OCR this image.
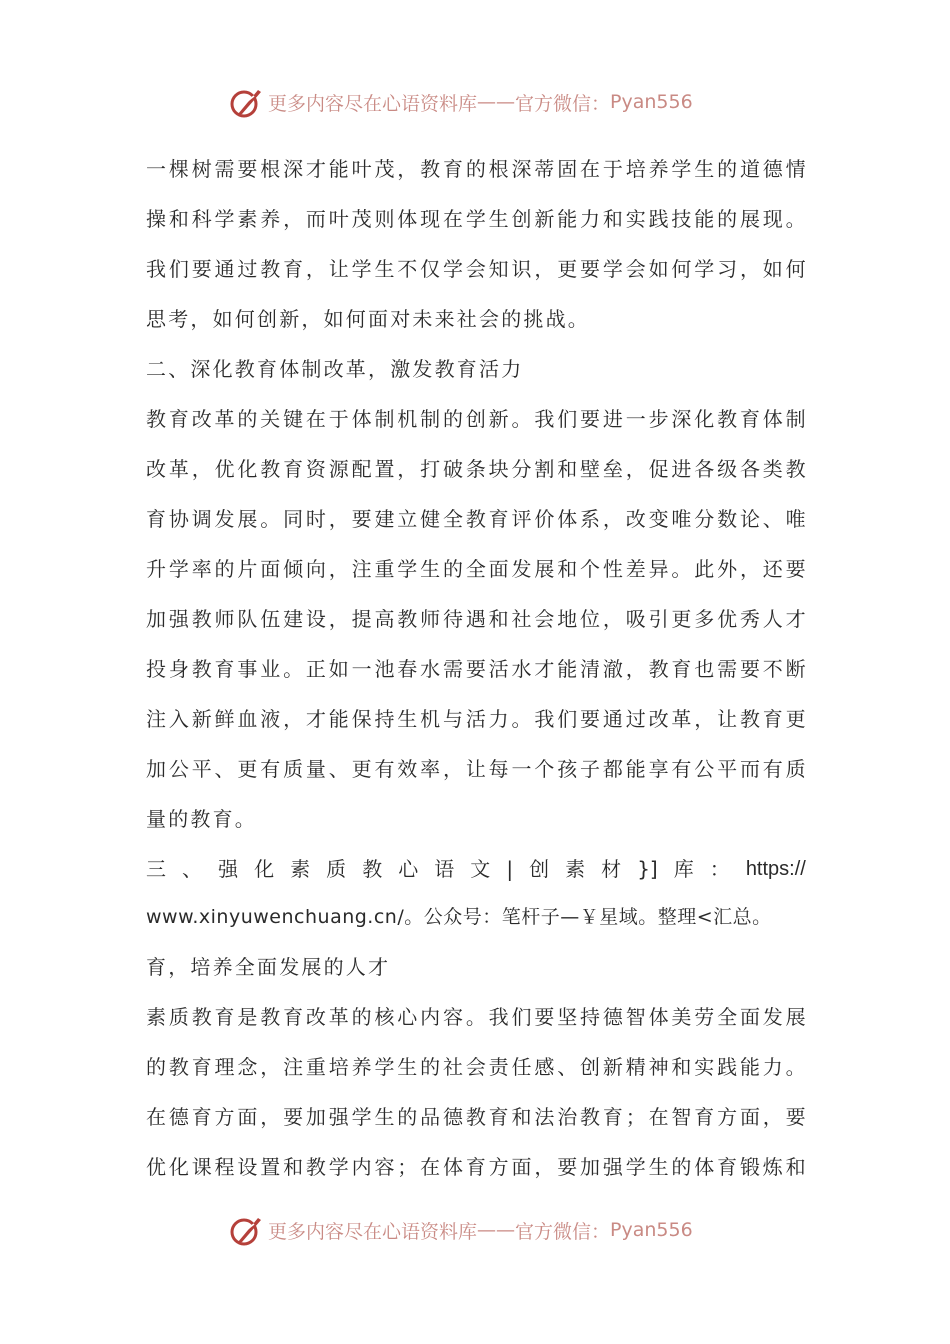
更多内容尽在心语资料库 —— 官方微信： Pyan556
一 棵 树 需 要 根 深 才 能 叶 茂 ， 教 育 的 根 深 蒂 固 在 于 培 养 学 生 的 道 德 情
操 和 科 学 素 养 ， 而 叶 茂 则 体 现 在 学 生 创 新 能 力 和 实 践 技 能 的 展 现 。
我 们 要 通 过 教 育 ， 让 学 生 不 仅 学 会 知 识 ， 更 要 学 会 如 何 学 习 ， 如 何
思考，如何创新，如何面对未来社会的挑战。
二、深化教育体制改革，激发教育活力
教 育 改 革 的 关 键 在 于 体 制 机 制 的 创 新 。 我 们 要 进 一 步 深 化 教 育 体 制
改 革 ， 优 化 教 育 资 源 配 置 ， 打 破 条 块 分 割 和 壁 垒 ， 促 进 各 级 各 类 教
育 协 调 发 展 。 同 时 ， 要 建 立 健 全 教 育 评 价 体 系 ， 改 变 唯 分 数 论 、 唯
升 学 率 的 片 面 倾 向 ， 注 重 学 生 的 全 面 发 展 和 个 性 差 异 。 此 外 ， 还 要
加 强 教 师 队 伍 建 设 ， 提 高 教 师 待 遇 和 社 会 地 位 ， 吸 引 更 多 优 秀 人 才
投 身 教 育 事 业 。 正 如 一 池 春 水 需 要 活 水 才 能 清 澈 ， 教 育 也 需 要 不 断
注 入 新 鲜 血 液 ， 才 能 保 持 生 机 与 活 力 。 我 们 要 通 过 改 革 ， 让 教 育 更
加 公 平 、 更 有 质 量 、 更 有 效 率 ， 让 每 一 个 孩 子 都 能 享 有 公 平 而 有 质
量的教育。
三 、 强 化 素 质 教 心 语 文 | 创 素 材 }] 库 ： https://
www.xinyuwenchuang.cn/。公众号：笔杆子—￥星域。整理<汇总。
育，培养全面发展的人才
素 质 教 育 是 教 育 改 革 的 核 心 内 容 。 我 们 要 坚 持 德 智 体 美 劳 全 面 发 展
的 教 育 理 念 ， 注 重 培 养 学 生 的 社 会 责 任 感 、 创 新 精 神 和 实 践 能 力 。
在 德 育 方 面 ， 要 加 强 学 生 的 品 德 教 育 和 法 治 教 育 ； 在 智 育 方 面 ， 要
优 化 课 程 设 置 和 教 学 内 容 ； 在 体 育 方 面 ， 要 加 强 学 生 的 体 育 锻 炼 和
更多内容尽在心语资料库 —— 官方微信： Pyan556
